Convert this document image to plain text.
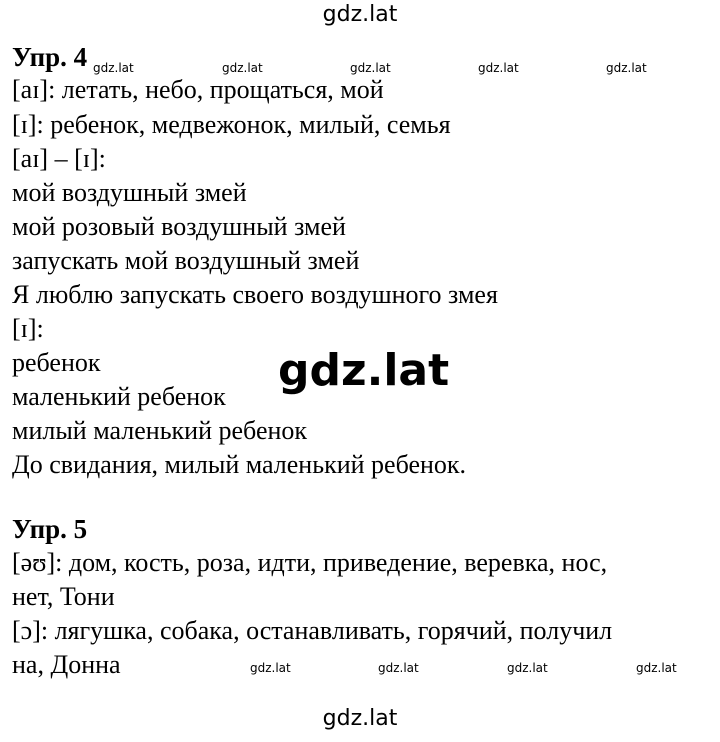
gdz.lat
Упр. 4 gdz.lat	gdz.lat	gdz.lat	gdz.lat	gdz.lat
[aɪ]: летать, небо, прощаться, мой
[ɪ]: ребенок, медвежонок, милый, семья
[aɪ] – [ɪ]:
мой воздушный змей
мой розовый воздушный змей
запускать мой воздушный змей
Я люблю запускать своего воздушного змея
[ɪ]:
ребенок
маленький ребенок
милый маленький ребенок
До свидания, милый маленький ребенок.
gdz.lat
Упр. 5
[əʊ]: дом, кость, роза, идти, приведение, веревка, нос,
нет, Тони
[ɔ]: лягушка, собака, останавливать, горячий, получил
на, Донна	gdz.lat	gdz.lat	gdz.lat	gdz.lat
gdz.lat
